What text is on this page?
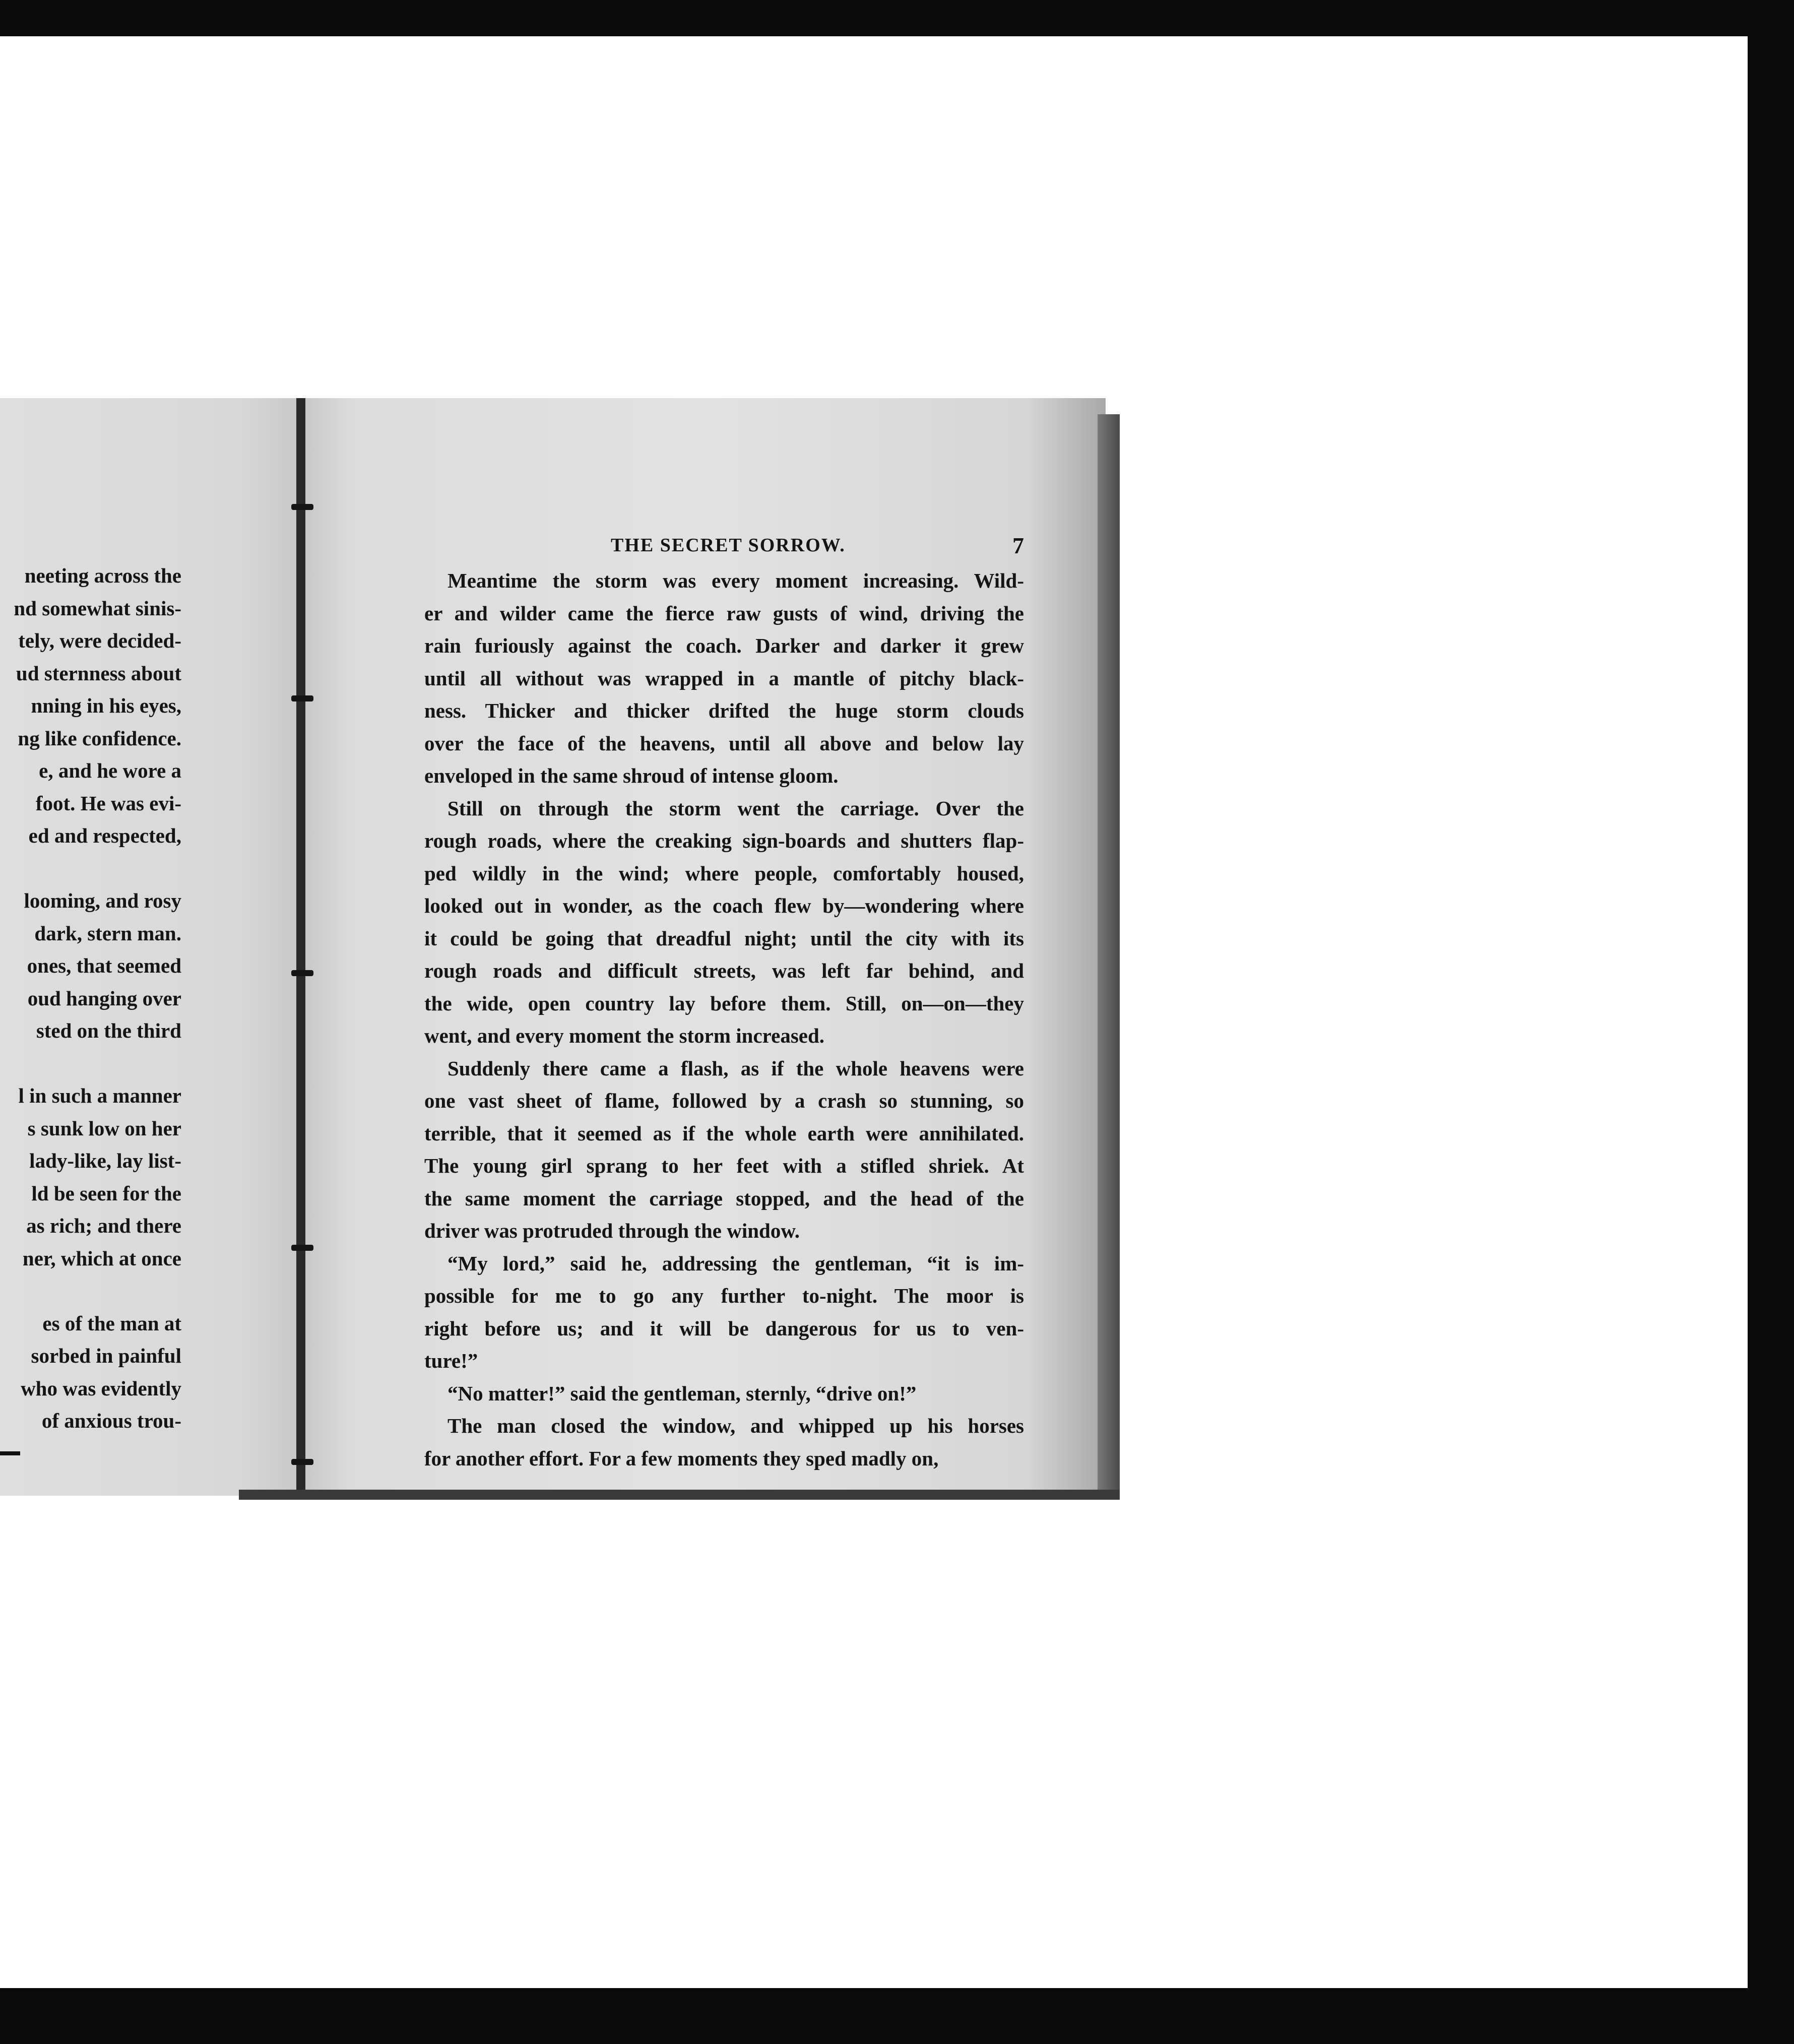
neeting across the
nd somewhat sinis-
tely, were decided-
ud sternness about
nning in his eyes,
ng like confidence.
e, and he wore a
foot. He was evi-
ed and respected,
looming, and rosy
dark, stern man.
ones, that seemed
oud hanging over
sted on the third
l in such a manner
s sunk low on her
lady-like, lay list-
ld be seen for the
as rich; and there
ner, which at once
es of the man at
sorbed in painful
who was evidently
of anxious trou-
THE SECRET SORROW.	7
Meantime the storm was every moment increasing. Wild-
er and wilder came the fierce raw gusts of wind, driving the
rain furiously against the coach. Darker and darker it grew
until all without was wrapped in a mantle of pitchy black-
ness. Thicker and thicker drifted the huge storm clouds
over the face of the heavens, until all above and below lay
enveloped in the same shroud of intense gloom.
Still on through the storm went the carriage. Over the
rough roads, where the creaking sign-boards and shutters flap-
ped wildly in the wind; where people, comfortably housed,
looked out in wonder, as the coach flew by—wondering where
it could be going that dreadful night; until the city with its
rough roads and difficult streets, was left far behind, and
the wide, open country lay before them. Still, on—on—they
went, and every moment the storm increased.
Suddenly there came a flash, as if the whole heavens were
one vast sheet of flame, followed by a crash so stunning, so
terrible, that it seemed as if the whole earth were annihilated.
The young girl sprang to her feet with a stifled shriek. At
the same moment the carriage stopped, and the head of the
driver was protruded through the window.
“My lord,” said he, addressing the gentleman, “it is im-
possible for me to go any further to-night. The moor is
right before us; and it will be dangerous for us to ven-
ture!”
“No matter!” said the gentleman, sternly, “drive on!”
The man closed the window, and whipped up his horses
for another effort. For a few moments they sped madly on,
